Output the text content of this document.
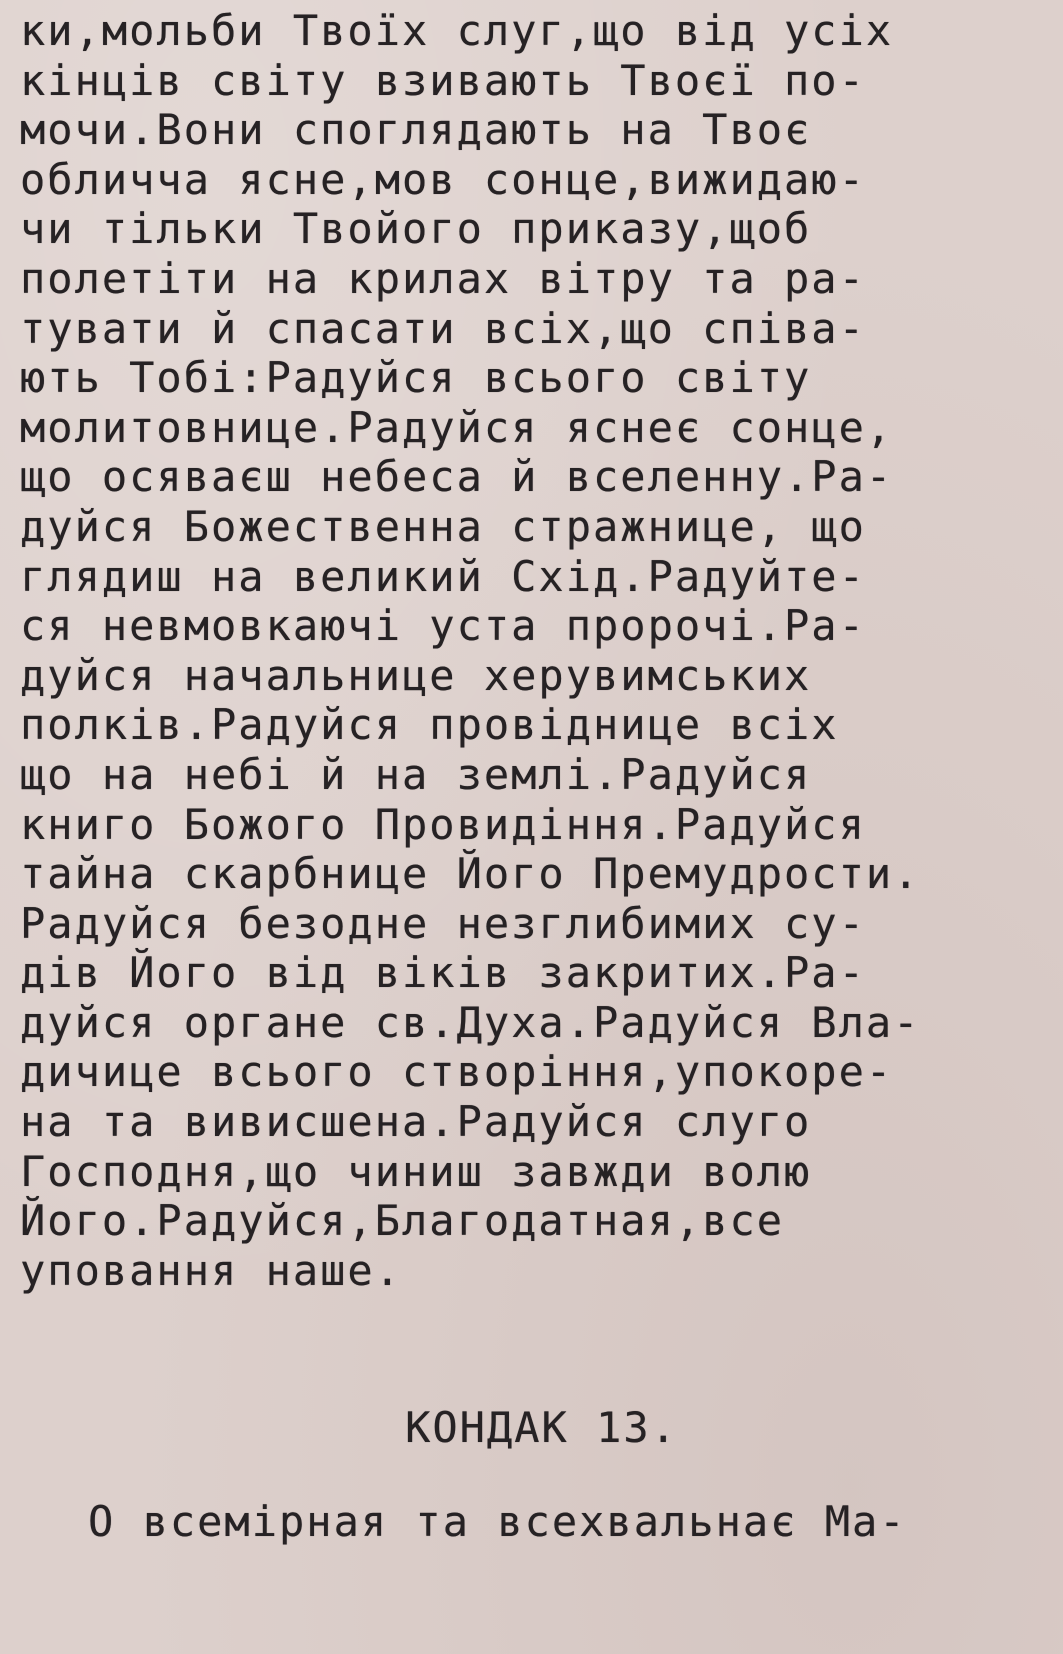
ки,мольби Твоїх слуг,що від усіх
кінців світу взивають Твоєї по-
мочи.Вони споглядають на Твоє
обличча ясне,мов сонце,вижидаю-
чи тільки Твойого приказу,щоб
полетіти на крилах вітру та ра-
тувати й спасати всіх,що співа-
ють Тобі:Радуйся всього світу
молитовнице.Радуйся яснеє сонце,
що осяваєш небеса й вселенну.Ра-
дуйся Божественна стражнице, що
глядиш на великий Схід.Радуйте-
ся невмовкаючі уста пророчі.Ра-
дуйся начальнице херувимських
полків.Радуйся провіднице всіх
що на небі й на землі.Радуйся
книго Божого Провидіння.Радуйся
тайна скарбнице Його Премудрости.
Радуйся безодне незглибимих су-
дів Його від віків закритих.Ра-
дуйся органе св.Духа.Радуйся Вла-
дичице всього створіння,упокоре-
на та вивисшена.Радуйся слуго
Господня,що чиниш завжди волю
Його.Радуйся,Благодатная,все
уповання наше.
КОНДАК 13.
О всемірная та всехвальнає Ма-
